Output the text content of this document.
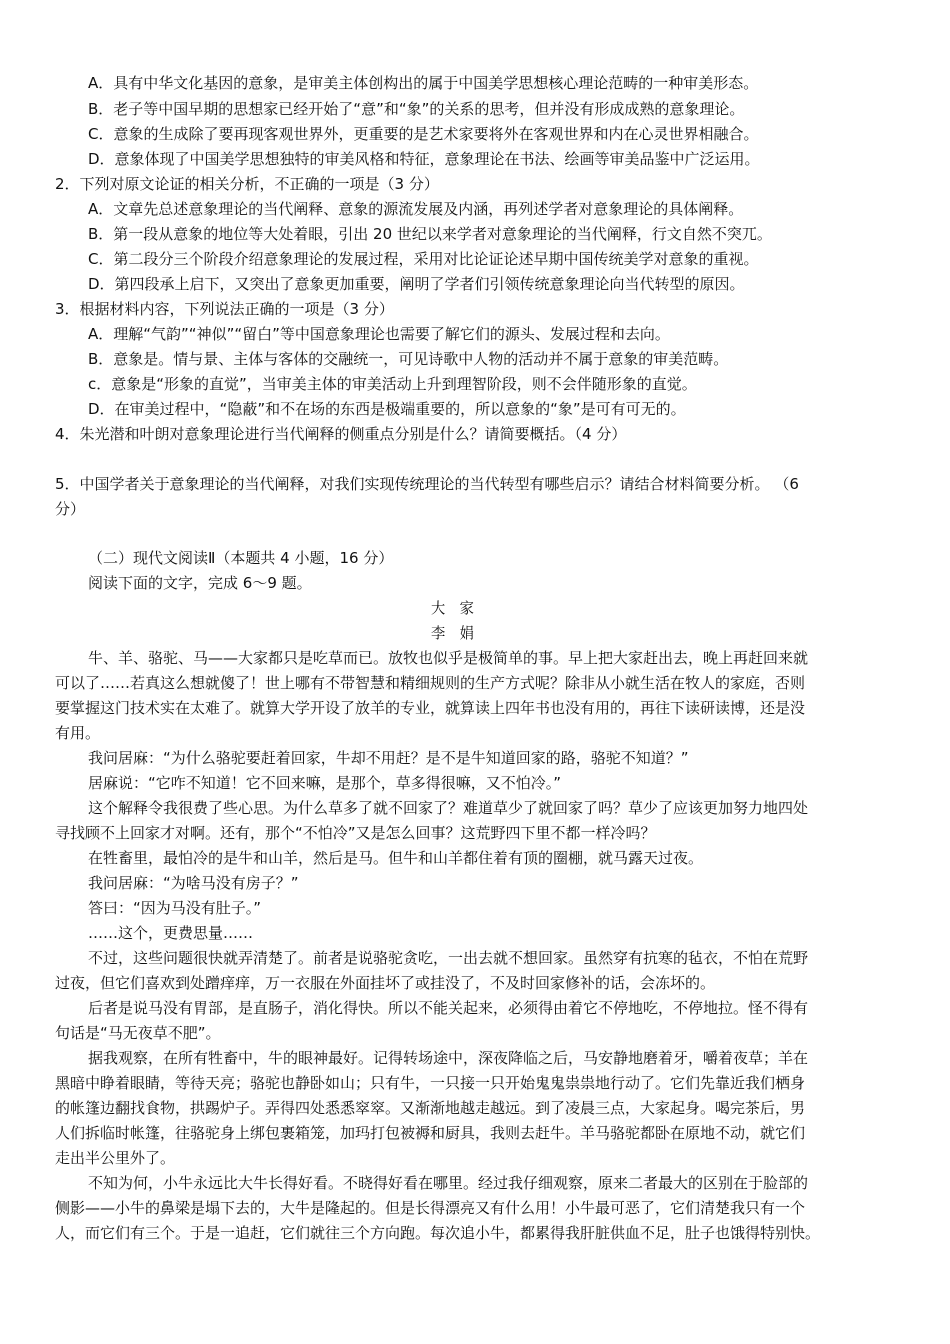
A．具有中华文化基因的意象，是审美主体创构出的属于中国美学思想核心理论范畴的一种审美形态。
B．老子等中国早期的思想家已经开始了“意”和“象”的关系的思考，但并没有形成成熟的意象理论。
C．意象的生成除了要再现客观世界外，更重要的是艺术家要将外在客观世界和内在心灵世界相融合。
D．意象体现了中国美学思想独特的审美风格和特征，意象理论在书法、绘画等审美品鉴中广泛运用。
2．下列对原文论证的相关分析，不正确的一项是（3 分）
A．文章先总述意象理论的当代阐释、意象的源流发展及内涵，再列述学者对意象理论的具体阐释。
B．第一段从意象的地位等大处着眼，引出 20 世纪以来学者对意象理论的当代阐释，行文自然不突兀。
C．第二段分三个阶段介绍意象理论的发展过程，采用对比论证论述早期中国传统美学对意象的重视。
D．第四段承上启下，又突出了意象更加重要，阐明了学者们引领传统意象理论向当代转型的原因。
3．根据材料内容，下列说法正确的一项是（3 分）
A．理解“气韵”“神似”“留白”等中国意象理论也需要了解它们的源头、发展过程和去向。
B．意象是。情与景、主体与客体的交融统一，可见诗歌中人物的活动并不属于意象的审美范畴。
c．意象是“形象的直觉”，当审美主体的审美活动上升到理智阶段，则不会伴随形象的直觉。
D．在审美过程中，“隐蔽”和不在场的东西是极端重要的，所以意象的“象”是可有可无的。
4．朱光潜和叶朗对意象理论进行当代阐释的侧重点分别是什么？请简要概括。（4 分）
5．中国学者关于意象理论的当代阐释，对我们实现传统理论的当代转型有哪些启示？请结合材料简要分析。 （6
分）
（二）现代文阅读Ⅱ（本题共 4 小题，16 分）
阅读下面的文字，完成 6～9 题。
大　家
李　娟
牛、羊、骆驼、马——大家都只是吃草而已。放牧也似乎是极简单的事。早上把大家赶出去，晚上再赶回来就
可以了……若真这么想就傻了！世上哪有不带智慧和精细规则的生产方式呢？除非从小就生活在牧人的家庭，否则
要掌握这门技术实在太难了。就算大学开设了放羊的专业，就算读上四年书也没有用的，再往下读研读博，还是没
有用。
我问居麻：“为什么骆驼要赶着回家，牛却不用赶？是不是牛知道回家的路，骆驼不知道？”
居麻说：“它咋不知道！它不回来嘛，是那个，草多得很嘛，又不怕冷。”
这个解释令我很费了些心思。为什么草多了就不回家了？难道草少了就回家了吗？草少了应该更加努力地四处
寻找顾不上回家才对啊。还有，那个“不怕冷”又是怎么回事？这荒野四下里不都一样冷吗？
在牲畜里，最怕冷的是牛和山羊，然后是马。但牛和山羊都住着有顶的圈棚，就马露天过夜。
我问居麻：“为啥马没有房子？”
答曰：“因为马没有肚子。”
……这个，更费思量……
不过，这些问题很快就弄清楚了。前者是说骆驼贪吃，一出去就不想回家。虽然穿有抗寒的毡衣，不怕在荒野
过夜，但它们喜欢到处蹭痒痒，万一衣服在外面挂坏了或挂没了，不及时回家修补的话，会冻坏的。
后者是说马没有胃部，是直肠子，消化得快。所以不能关起来，必须得由着它不停地吃，不停地拉。怪不得有
句话是“马无夜草不肥”。
据我观察，在所有牲畜中，牛的眼神最好。记得转场途中，深夜降临之后，马安静地磨着牙，嚼着夜草；羊在
黑暗中睁着眼睛，等待天亮；骆驼也静卧如山；只有牛，一只接一只开始鬼鬼祟祟地行动了。它们先靠近我们栖身
的帐篷边翻找食物，拱踢炉子。弄得四处悉悉窣窣。又渐渐地越走越远。到了凌晨三点，大家起身。喝完茶后，男
人们拆临时帐篷，往骆驼身上绑包裹箱笼，加玛打包被褥和厨具，我则去赶牛。羊马骆驼都卧在原地不动，就它们
走出半公里外了。
不知为何，小牛永远比大牛长得好看。不晓得好看在哪里。经过我仔细观察，原来二者最大的区别在于脸部的
侧影——小牛的鼻梁是塌下去的，大牛是隆起的。但是长得漂亮又有什么用！小牛最可恶了，它们清楚我只有一个
人，而它们有三个。于是一追赶，它们就往三个方向跑。每次追小牛，都累得我肝脏供血不足，肚子也饿得特别快。
